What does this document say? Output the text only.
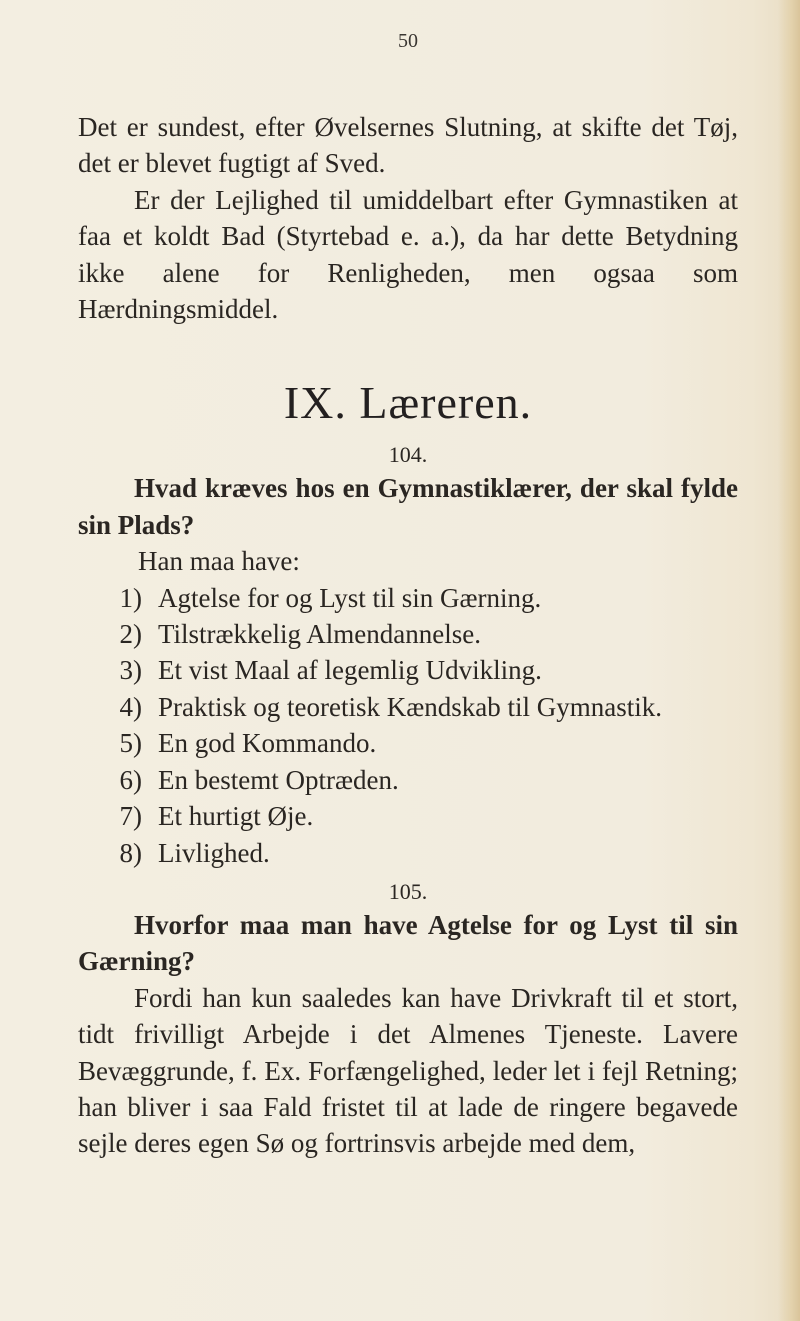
50
Det er sundest, efter Øvelsernes Slutning, at skifte det Tøj, det er blevet fugtigt af Sved.
Er der Lejlighed til umiddelbart efter Gymnastiken at faa et koldt Bad (Styrtebad e. a.), da har dette Betydning ikke alene for Renligheden, men ogsaa som Hærdningsmiddel.
IX. Læreren.
104.
Hvad kræves hos en Gymnastiklærer, der skal fylde sin Plads?
Han maa have:
1) Agtelse for og Lyst til sin Gærning.
2) Tilstrækkelig Almendannelse.
3) Et vist Maal af legemlig Udvikling.
4) Praktisk og teoretisk Kændskab til Gymnastik.
5) En god Kommando.
6) En bestemt Optræden.
7) Et hurtigt Øje.
8) Livlighed.
105.
Hvorfor maa man have Agtelse for og Lyst til sin Gærning?
Fordi han kun saaledes kan have Drivkraft til et stort, tidt frivilligt Arbejde i det Almenes Tjeneste. Lavere Bevæggrunde, f. Ex. Forfængelighed, leder let i fejl Retning; han bliver i saa Fald fristet til at lade de ringere begavede sejle deres egen Sø og fortrinsvis arbejde med dem,
